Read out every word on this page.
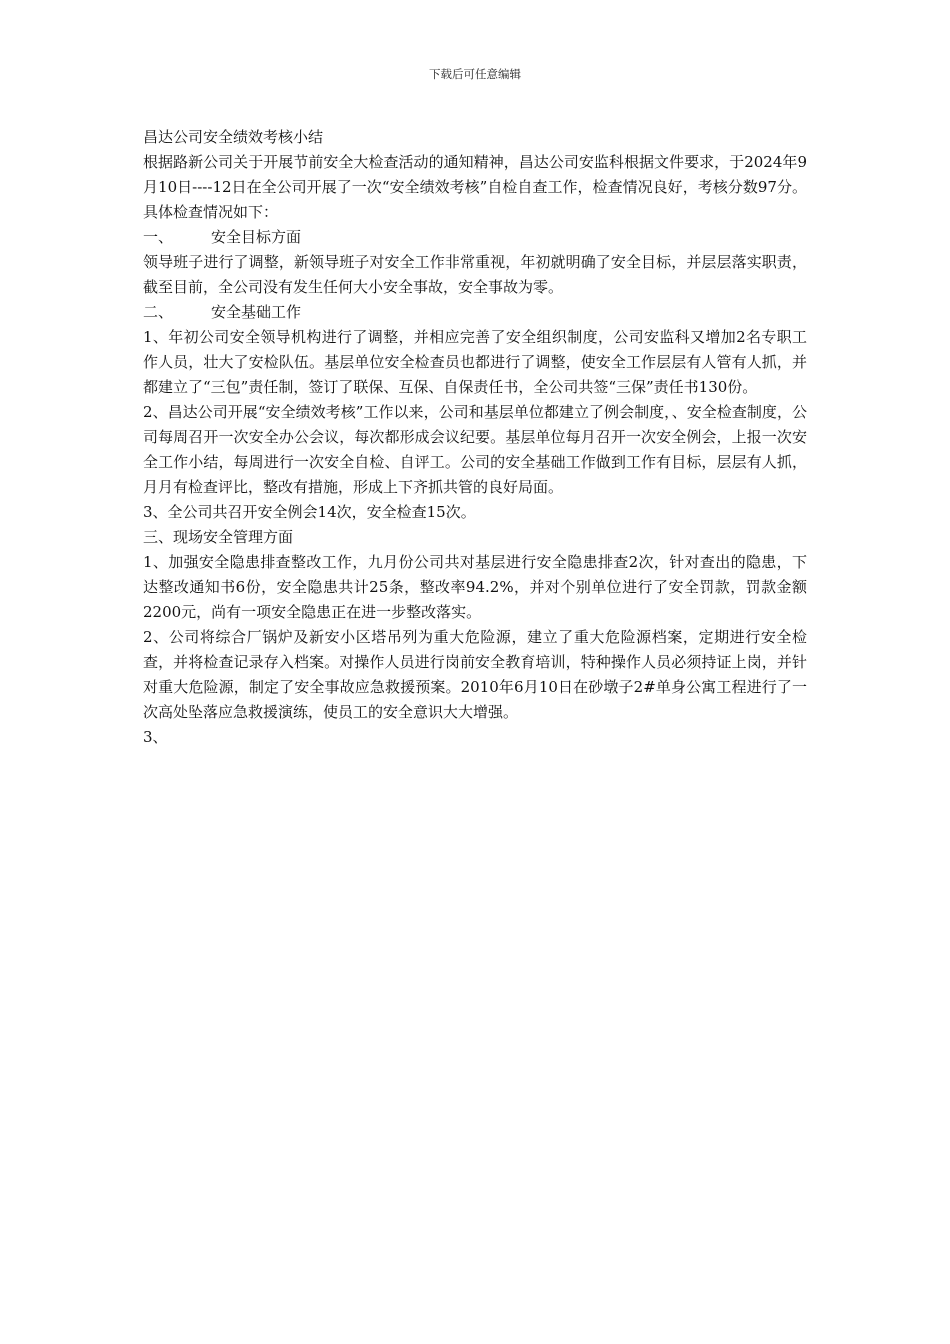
下载后可任意编辑

昌达公司安全绩效考核小结

根据路新公司关于开展节前安全大检查活动的通知精神，昌达公司安监科根据文件要求，于2024年9月10日----12日在全公司开展了一次“安全绩效考核”自检自查工作，检查情况良好，考核分数97分。具体检查情况如下：

一、	安全目标方面

领导班子进行了调整，新领导班子对安全工作非常重视，年初就明确了安全目标，并层层落实职责，截至目前，全公司没有发生任何大小安全事故，安全事故为零。

二、	安全基础工作

1、年初公司安全领导机构进行了调整，并相应完善了安全组织制度，公司安监科又增加2名专职工作人员，壮大了安检队伍。基层单位安全检查员也都进行了调整，使安全工作层层有人管有人抓，并都建立了“三包”责任制，签订了联保、互保、自保责任书，全公司共签“三保”责任书130份。

2、昌达公司开展“安全绩效考核”工作以来，公司和基层单位都建立了例会制度，、安全检查制度，公司每周召开一次安全办公会议，每次都形成会议纪要。基层单位每月召开一次安全例会，上报一次安全工作小结，每周进行一次安全自检、自评工。公司的安全基础工作做到工作有目标，层层有人抓，月月有检查评比，整改有措施，形成上下齐抓共管的良好局面。

3、全公司共召开安全例会14次，安全检查15次。

三、现场安全管理方面

1、加强安全隐患排查整改工作，九月份公司共对基层进行安全隐患排查2次，针对查出的隐患，下达整改通知书6份，安全隐患共计25条，整改率94.2%，并对个别单位进行了安全罚款，罚款金额2200元，尚有一项安全隐患正在进一步整改落实。

2、公司将综合厂锅炉及新安小区塔吊列为重大危险源，建立了重大危险源档案，定期进行安全检查，并将检查记录存入档案。对操作人员进行岗前安全教育培训，特种操作人员必须持证上岗，并针对重大危险源，制定了安全事故应急救援预案。2010年6月10日在砂墩子2#单身公寓工程进行了一次高处坠落应急救援演练，使员工的安全意识大大增强。

3、
